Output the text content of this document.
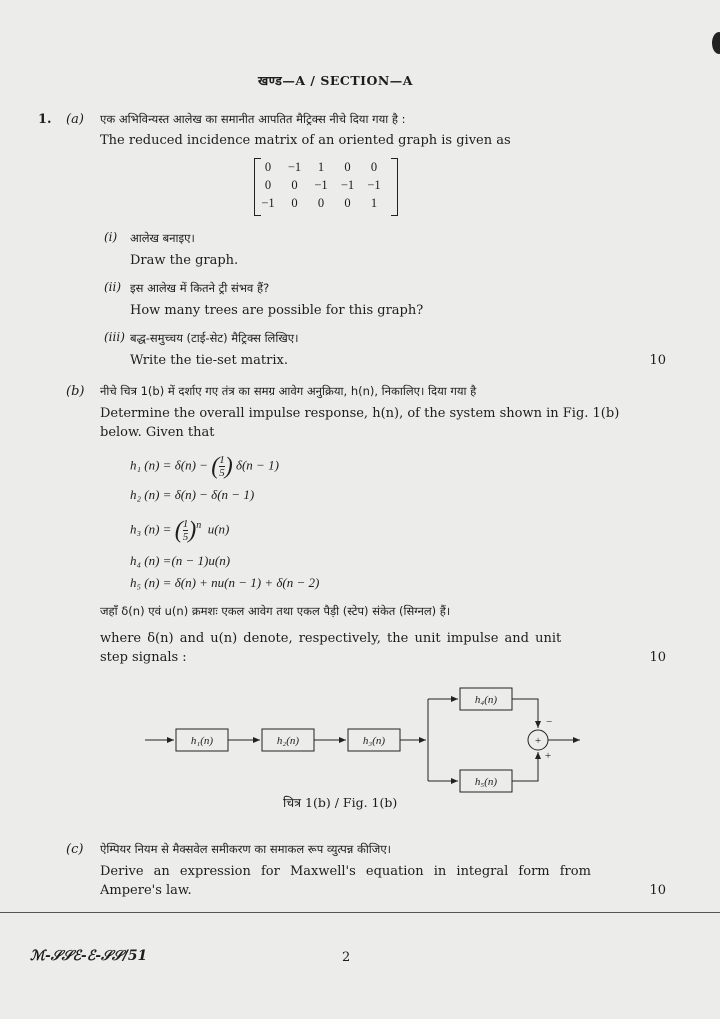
खण्ड—A / SECTION—A
1. (a) एक अभिविन्यस्त आलेख का समानीत आपतित मैट्रिक्स नीचे दिया गया है :
The reduced incidence matrix of an oriented graph is given as
0	−1	1	0	0
0	0	−1	−1	−1
−1	0	0	0	1
(i) आलेख बनाइए।
Draw the graph.
(ii) इस आलेख में कितने ट्री संभव हैं?
How many trees are possible for this graph?
(iii) बद्ध-समुच्चय (टाई-सेट) मैट्रिक्स लिखिए।
Write the tie-set matrix.	10
(b) नीचे चित्र 1(b) में दर्शाए गए तंत्र का समग्र आवेग अनुक्रिया, h(n), निकालिए। दिया गया है
Determine the overall impulse response, h(n), of the system shown in Fig. 1(b)
below. Given that
h₁ (n) = δ(n) − ( $\frac{1}{5}$ ) δ(n − 1)
h₂ (n) = δ(n) − δ(n − 1)
h₃ (n) = ( $\frac{1}{5} )^n$ u(n)
h₄ (n) =(n − 1)u(n)
h₅ (n) = δ(n) + nu(n − 1) + δ(n − 2)
जहाँ δ(n) एवं u(n) क्रमशः एकल आवेग तथा एकल पैड़ी (स्टेप) संकेत (सिग्नल) हैं।
where δ(n) and u(n) denote, respectively, the unit impulse and unit
step signals :	10
h₁(n)	h₂(n)	h₃(n)
h₄(n)
h₅(n)
+
−
+
चित्र 1(b) / Fig. 1(b)
(c) ऐम्पियर नियम से मैक्सवेल समीकरण का समाकल रूप व्युत्पन्न कीजिए।
Derive an expression for Maxwell's equation in integral form from
Ampere's law.	10
ℳ-𝒮𝒮ℰ-ℰ-𝒮𝒮/51	2
